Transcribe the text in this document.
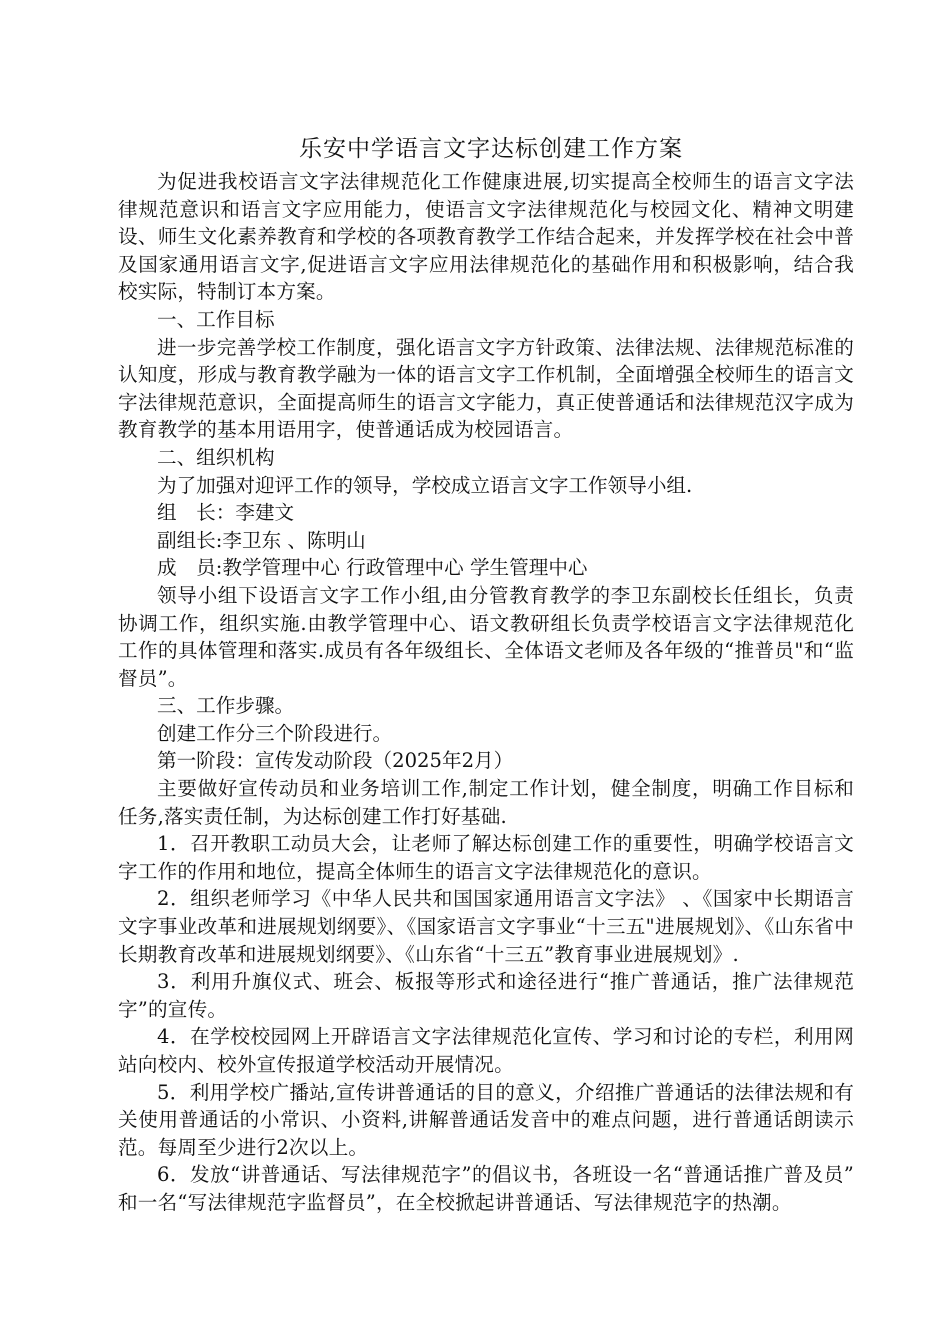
乐安中学语言文字达标创建工作方案

为促进我校语言文字法律规范化工作健康进展,切实提高全校师生的语言文字法律规范意识和语言文字应用能力，使语言文字法律规范化与校园文化、精神文明建设、师生文化素养教育和学校的各项教育教学工作结合起来，并发挥学校在社会中普及国家通用语言文字,促进语言文字应用法律规范化的基础作用和积极影响，结合我校实际，特制订本方案。

一、工作目标

进一步完善学校工作制度，强化语言文字方针政策、法律法规、法律规范标准的认知度，形成与教育教学融为一体的语言文字工作机制，全面增强全校师生的语言文字法律规范意识，全面提高师生的语言文字能力，真正使普通话和法律规范汉字成为教育教学的基本用语用字，使普通话成为校园语言。

二、组织机构

为了加强对迎评工作的领导，学校成立语言文字工作领导小组.

组　长：李建文

副组长:李卫东 、陈明山

成　员:教学管理中心 行政管理中心 学生管理中心

领导小组下设语言文字工作小组,由分管教育教学的李卫东副校长任组长，负责协调工作，组织实施.由教学管理中心、语文教研组长负责学校语言文字法律规范化工作的具体管理和落实.成员有各年级组长、全体语文老师及各年级的“推普员"和“监督员”。

三、工作步骤。

创建工作分三个阶段进行。

第一阶段：宣传发动阶段（2025年2月）

主要做好宣传动员和业务培训工作,制定工作计划，健全制度，明确工作目标和任务,落实责任制，为达标创建工作打好基础.

1．召开教职工动员大会，让老师了解达标创建工作的重要性，明确学校语言文字工作的作用和地位，提高全体师生的语言文字法律规范化的意识。

2．组织老师学习《中华人民共和国国家通用语言文字法》 、《国家中长期语言文字事业改革和进展规划纲要》、《国家语言文字事业“十三五"进展规划》、《山东省中长期教育改革和进展规划纲要》、《山东省“十三五”教育事业进展规划》.

3．利用升旗仪式、班会、板报等形式和途径进行“推广普通话，推广法律规范字”的宣传。

4．在学校校园网上开辟语言文字法律规范化宣传、学习和讨论的专栏，利用网站向校内、校外宣传报道学校活动开展情况。

5．利用学校广播站,宣传讲普通话的目的意义，介绍推广普通话的法律法规和有关使用普通话的小常识、小资料,讲解普通话发音中的难点问题，进行普通话朗读示范。每周至少进行2次以上。

6．发放“讲普通话、写法律规范字”的倡议书，各班设一名“普通话推广普及员” 和一名“写法律规范字监督员”，在全校掀起讲普通话、写法律规范字的热潮。
